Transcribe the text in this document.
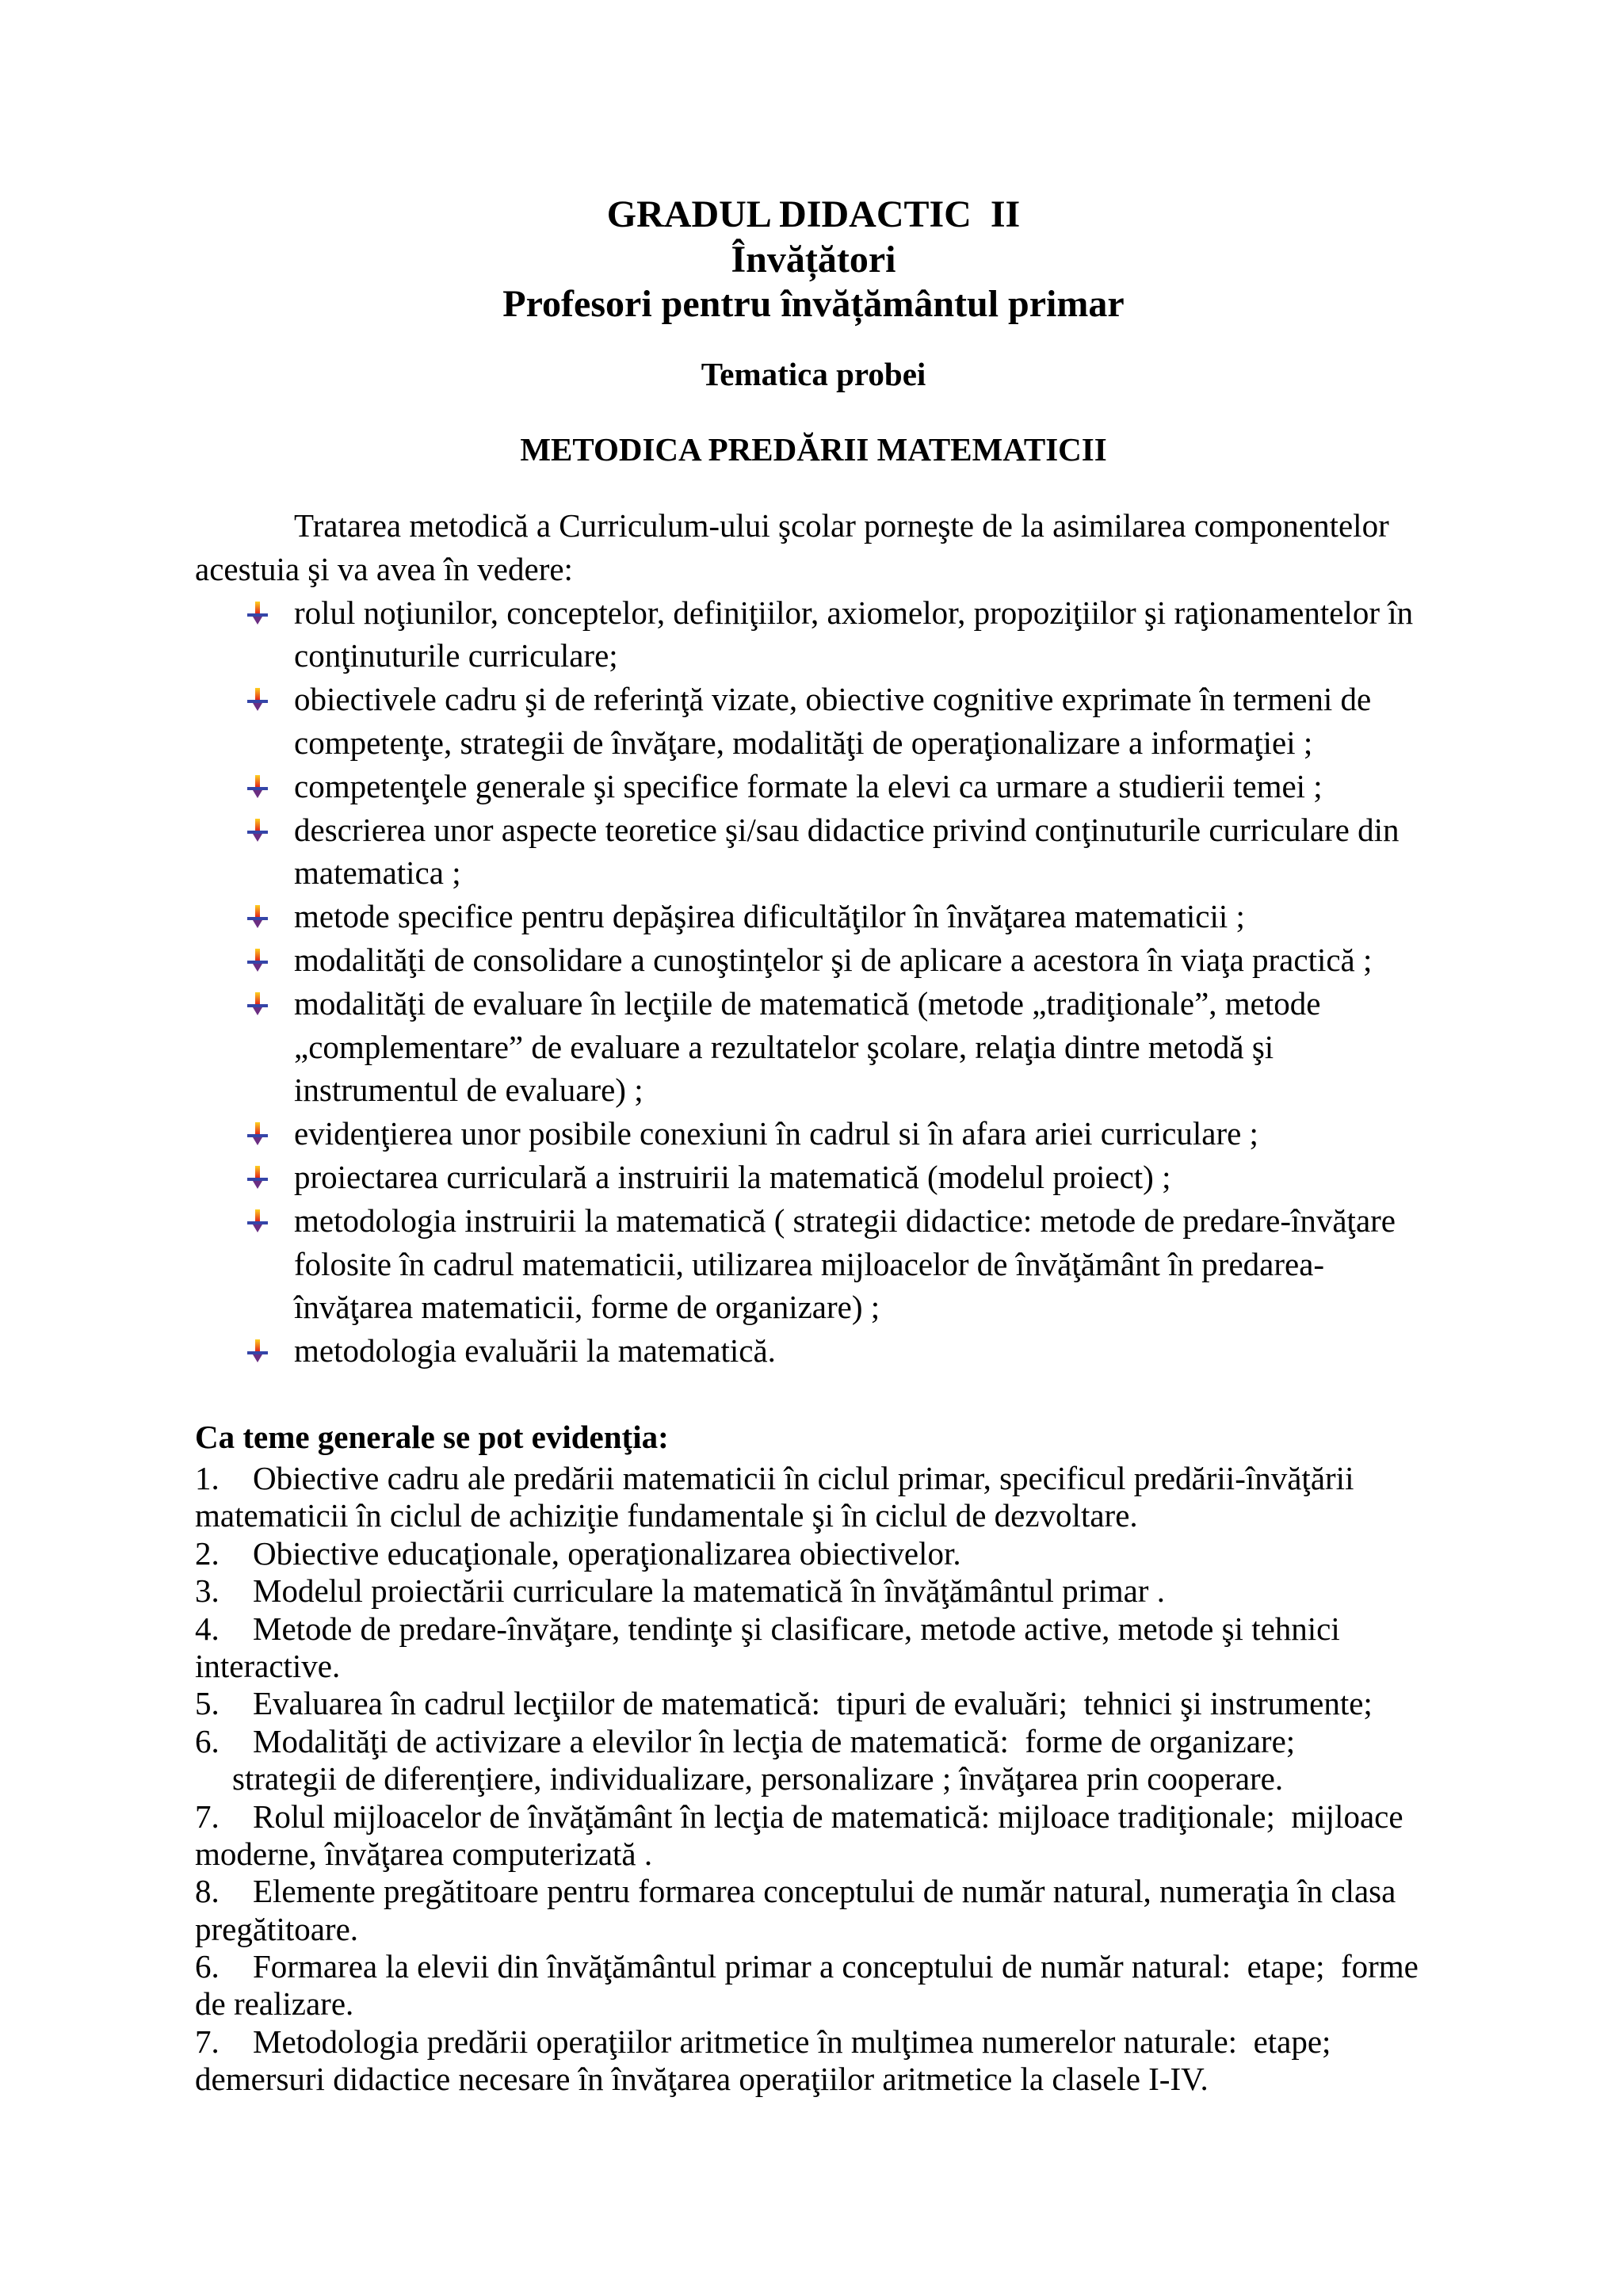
GRADUL DIDACTIC  II
Învățători
Profesori pentru învățământul primar
Tematica probei
METODICA PREDĂRII MATEMATICII
Tratarea metodică a Curriculum-ului şcolar porneşte de la asimilarea componentelor
acestuia şi va avea în vedere:
rolul noţiunilor, conceptelor, definiţiilor, axiomelor, propoziţiilor şi raţionamentelor în
conţinuturile curriculare;
obiectivele cadru şi de referinţă vizate, obiective cognitive exprimate în termeni de
competenţe, strategii de învăţare, modalităţi de operaţionalizare a informaţiei ;
competenţele generale şi specifice formate la elevi ca urmare a studierii temei ;
descrierea unor aspecte teoretice şi/sau didactice privind conţinuturile curriculare din
matematica ;
metode specifice pentru depăşirea dificultăţilor în învăţarea matematicii ;
modalităţi de consolidare a cunoştinţelor şi de aplicare a acestora în viaţa practică ;
modalităţi de evaluare în lecţiile de matematică (metode „tradiţionale”, metode
„complementare” de evaluare a rezultatelor şcolare, relaţia dintre metodă şi
instrumentul de evaluare) ;
evidenţierea unor posibile conexiuni în cadrul si în afara ariei curriculare ;
proiectarea curriculară a instruirii la matematică (modelul proiect) ;
metodologia instruirii la matematică ( strategii didactice: metode de predare-învăţare
folosite în cadrul matematicii, utilizarea mijloacelor de învăţământ în predarea-
învăţarea matematicii, forme de organizare) ;
metodologia evaluării la matematică.
Ca teme generale se pot evidenţia:
1. Obiective cadru ale predării matematicii în ciclul primar, specificul predării-învăţării
matematicii în ciclul de achiziţie fundamentale şi în ciclul de dezvoltare.
2. Obiective educaţionale, operaţionalizarea obiectivelor.
3. Modelul proiectării curriculare la matematică în învăţământul primar .
4. Metode de predare-învăţare, tendinţe şi clasificare, metode active, metode şi tehnici
interactive.
5. Evaluarea în cadrul lecţiilor de matematică:  tipuri de evaluări;  tehnici şi instrumente;
6. Modalităţi de activizare a elevilor în lecţia de matematică:  forme de organizare;
strategii de diferenţiere, individualizare, personalizare ; învăţarea prin cooperare.
7. Rolul mijloacelor de învăţământ în lecţia de matematică: mijloace tradiţionale;  mijloace
moderne, învăţarea computerizată .
8. Elemente pregătitoare pentru formarea conceptului de număr natural, numeraţia în clasa
pregătitoare.
6. Formarea la elevii din învăţământul primar a conceptului de număr natural:  etape;  forme
de realizare.
7. Metodologia predării operaţiilor aritmetice în mulţimea numerelor naturale:  etape;
demersuri didactice necesare în învăţarea operaţiilor aritmetice la clasele I-IV.
